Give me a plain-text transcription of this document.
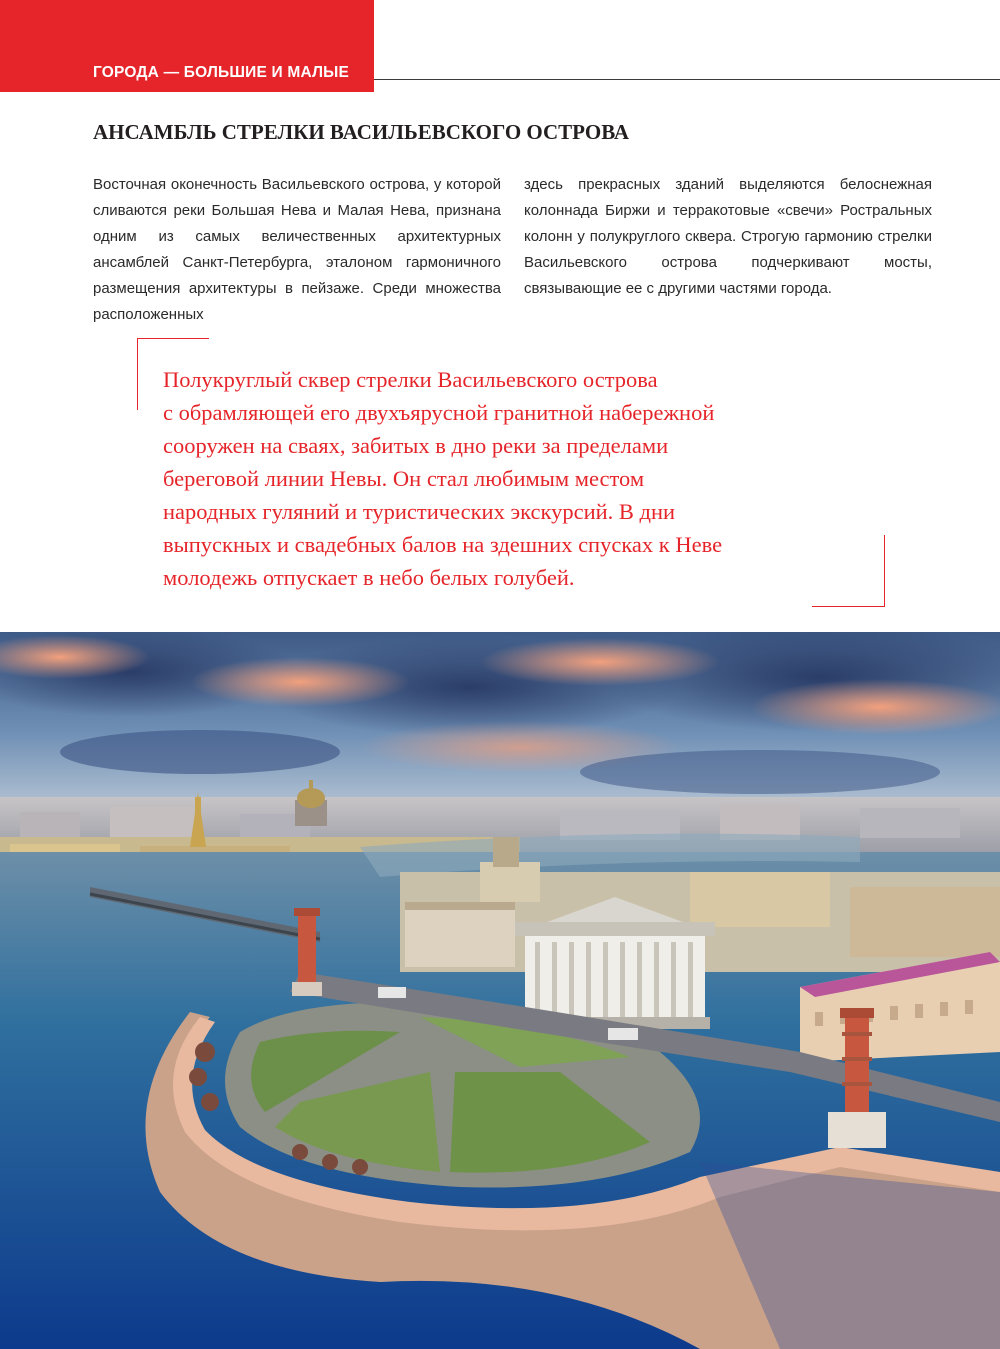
ГОРОДА — БОЛЬШИЕ И МАЛЫЕ
АНСАМБЛЬ СТРЕЛКИ ВАСИЛЬЕВСКОГО ОСТРОВА

Восточная оконечность Васильевского острова, у которой сливаются реки Большая Нева и Малая Нева, признана одним из самых величественных архитектурных ансамблей Санкт-Петербурга, эталоном гармоничного размещения архитектуры в пейзаже. Среди множества расположенных

здесь прекрасных зданий выделяются белоснежная колоннада Биржи и терракотовые «свечи» Ростральных колонн у полукруглого сквера. Строгую гармонию стрелки Васильевского острова подчеркивают мосты, связывающие ее с другими частями города.

Полукруглый сквер стрелки Васильевского острова
с обрамляющей его двухъярусной гранитной набережной
сооружен на сваях, забитых в дно реки за пределами
береговой линии Невы. Он стал любимым местом
народных гуляний и туристических экскурсий. В дни
выпускных и свадебных балов на здешних спусках к Неве
молодежь отпускает в небо белых голубей.
